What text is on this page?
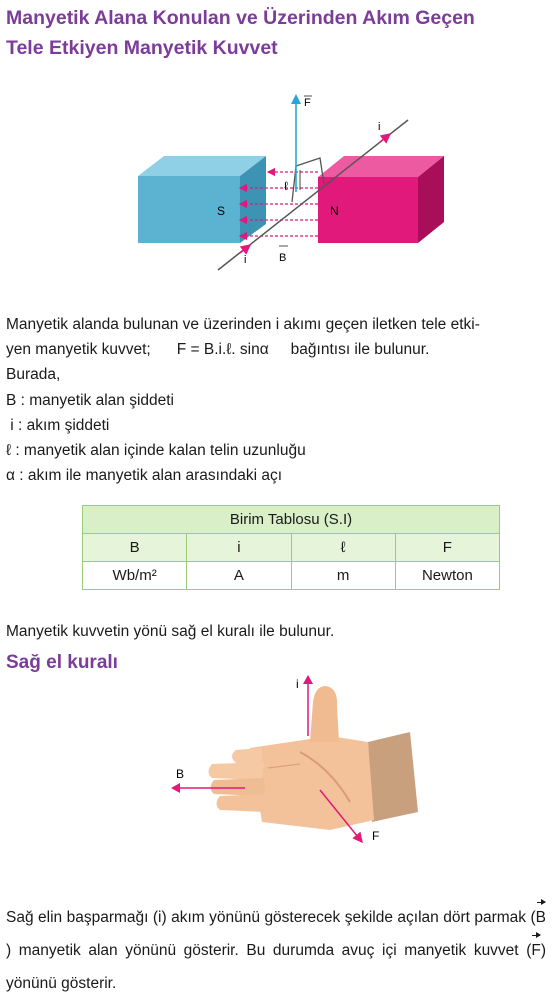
Manyetik Alana Konulan ve Üzerinden Akım Geçen
Tele Etkiyen Manyetik Kuvvet
F
i
ℓ
S	N
i	B
Manyetik alanda bulunan ve üzerinden i akımı geçen iletken tele etki-
yen manyetik kuvvet; F = B.i.ℓ. sinα bağıntısı ile bulunur.
Burada,
B : manyetik alan şiddeti
i : akım şiddeti
ℓ : manyetik alan içinde kalan telin uzunluğu
α : akım ile manyetik alan arasındaki açı
Birim Tablosu (S.I)			
B	i	ℓ	F
Wb/m²	A	m	Newton
Manyetik kuvvetin yönü sağ el kuralı ile bulunur.
Sağ el kuralı
i
B
F
Sağ elin başparmağı (i) akım yönünü gösterecek şekilde açılan dört parmak (B) manyetik alan yönünü gösterir. Bu durumda avuç içi manyetik kuvvet (F) yönünü gösterir.
